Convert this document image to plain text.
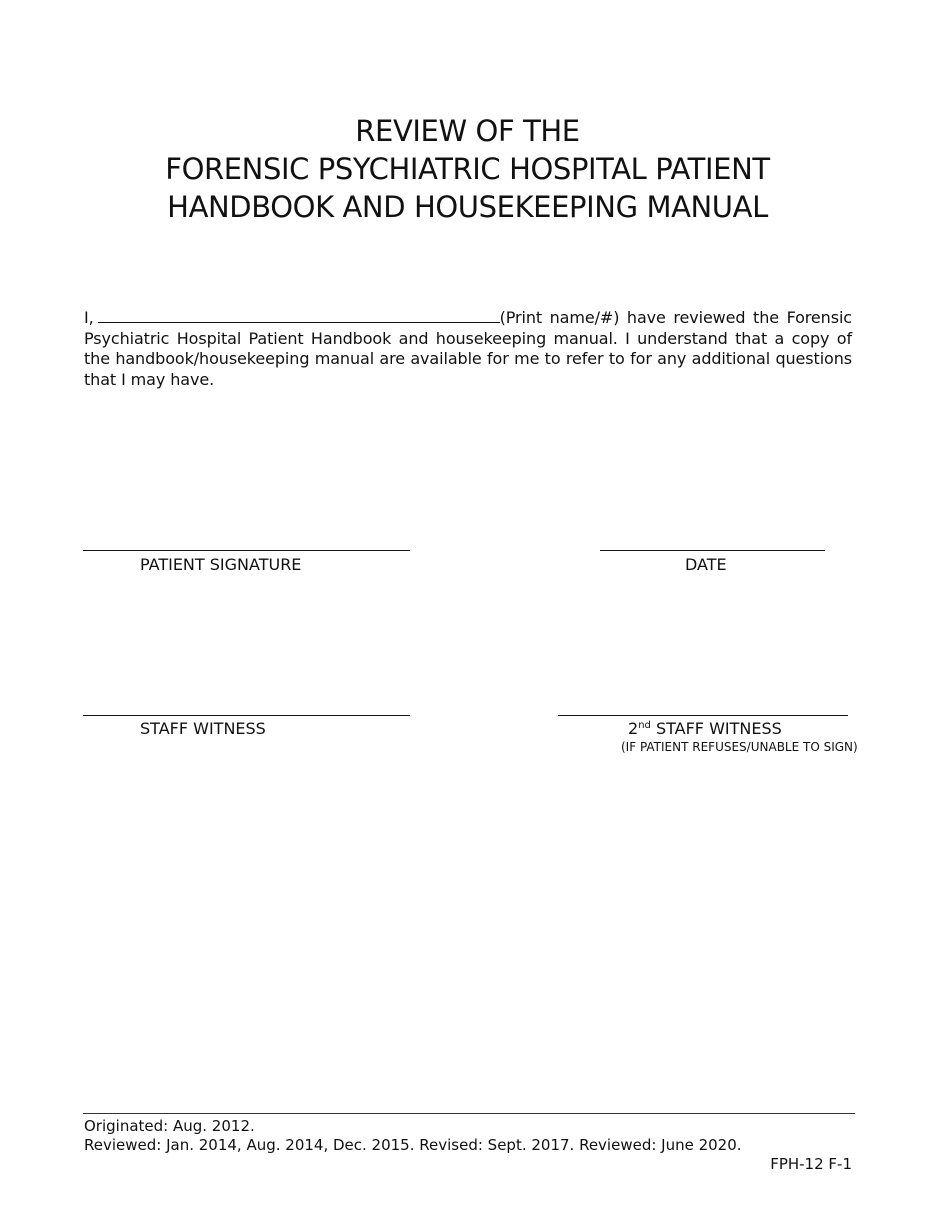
REVIEW OF THE
FORENSIC PSYCHIATRIC HOSPITAL PATIENT
HANDBOOK AND HOUSEKEEPING MANUAL
I,	(Print name/#) have reviewed the Forensic Psychiatric Hospital Patient Handbook and housekeeping manual. I understand that a copy of the handbook/housekeeping manual are available for me to refer to for any additional questions that I may have.
PATIENT SIGNATURE	DATE
STAFF WITNESS	2nd STAFF WITNESS
(IF PATIENT REFUSES/UNABLE TO SIGN)
Originated: Aug. 2012.
Reviewed: Jan. 2014, Aug. 2014, Dec. 2015. Revised: Sept. 2017. Reviewed: June 2020.
FPH-12 F-1
